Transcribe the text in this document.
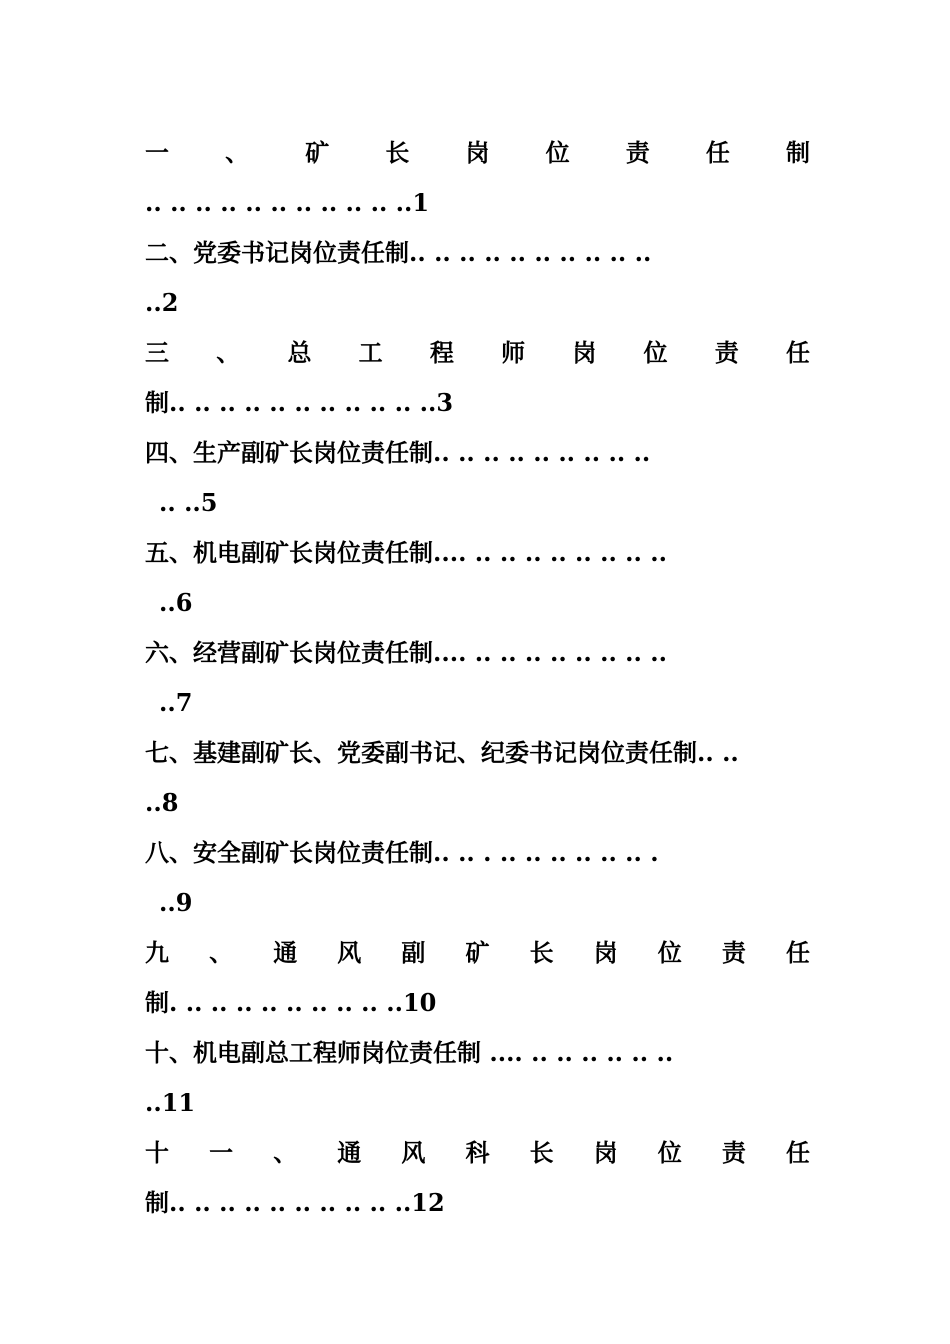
一 、 矿 长 岗 位 责 任 制
.. .. .. .. .. .. .. .. .. .. ..1
二、党委书记岗位责任制.. .. .. .. .. .. .. .. .. ..
..2
三 、 总 工 程 师 岗 位 责 任
制.. .. .. .. .. .. .. .. .. .. ..3
四、生产副矿长岗位责任制.. .. .. .. .. .. .. .. ..
.. ..5
五、机电副矿长岗位责任制.... .. .. .. .. .. .. .. ..
..6
六、经营副矿长岗位责任制.... .. .. .. .. .. .. .. ..
..7
七、基建副矿长、党委副书记、纪委书记岗位责任制.. ..
..8
八、安全副矿长岗位责任制.. .. . .. .. .. .. .. .. .
..9
九 、 通 风 副 矿 长 岗 位 责 任
制. .. .. .. .. .. .. .. .. ..10
十、机电副总工程师岗位责任制 .... .. .. .. .. .. ..
..11
十 一 、 通 风 科 长 岗 位 责 任
制.. .. .. .. .. .. .. .. .. ..12
